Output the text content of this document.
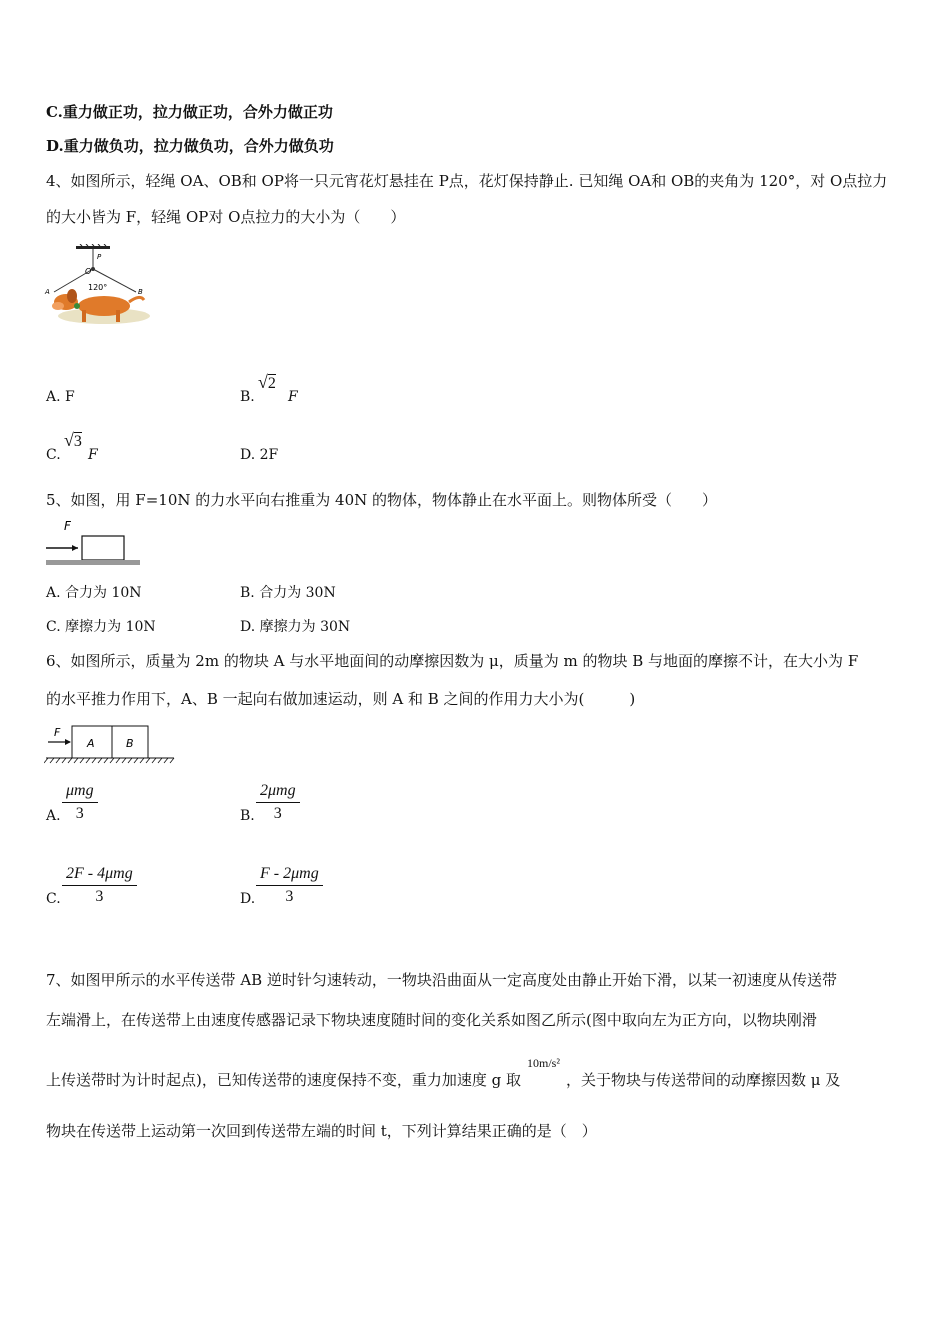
C.重力做正功，拉力做正功，合外力做正功
D.重力做负功，拉力做负功，合外力做负功
4、如图所示，轻绳 OA、OB和 OP将一只元宵花灯悬挂在 P点，花灯保持静止. 已知绳 OA和 OB的夹角为 120°，对 O点拉力
的大小皆为 F，轻绳 OP对 O点拉力的大小为（　　）
O
P
120°
A	B
A. F	B.
√2
F
C.
√3
F	D. 2F
5、如图，用 F=10N 的力水平向右推重为 40N 的物体，物体静止在水平面上。则物体所受（　　）
F
A. 合力为 10N	B. 合力为 30N
C. 摩擦力为 10N	D. 摩擦力为 30N
6、如图所示，质量为 2m 的物块 A 与水平地面间的动摩擦因数为 μ，质量为 m 的物块 B 与地面的摩擦不计，在大小为 F
的水平推力作用下，A、B 一起向右做加速运动，则 A 和 B 之间的作用力大小为(　　　)
F
A	B
A.
μmg
3	B.
2μmg
3
C.
2F - 4μmg
3	D.
F - 2μmg
3
7、如图甲所示的水平传送带 AB 逆时针匀速转动，一物块沿曲面从一定高度处由静止开始下滑，以某一初速度从传送带
左端滑上，在传送带上由速度传感器记录下物块速度随时间的变化关系如图乙所示(图中取向左为正方向，以物块刚滑
上传送带时为计时起点)，已知传送带的速度保持不变，重力加速度 g 取$^{10m/s^2}$，关于物块与传送带间的动摩擦因数 μ 及
物块在传送带上运动第一次回到传送带左端的时间 t，下列计算结果正确的是（　）
